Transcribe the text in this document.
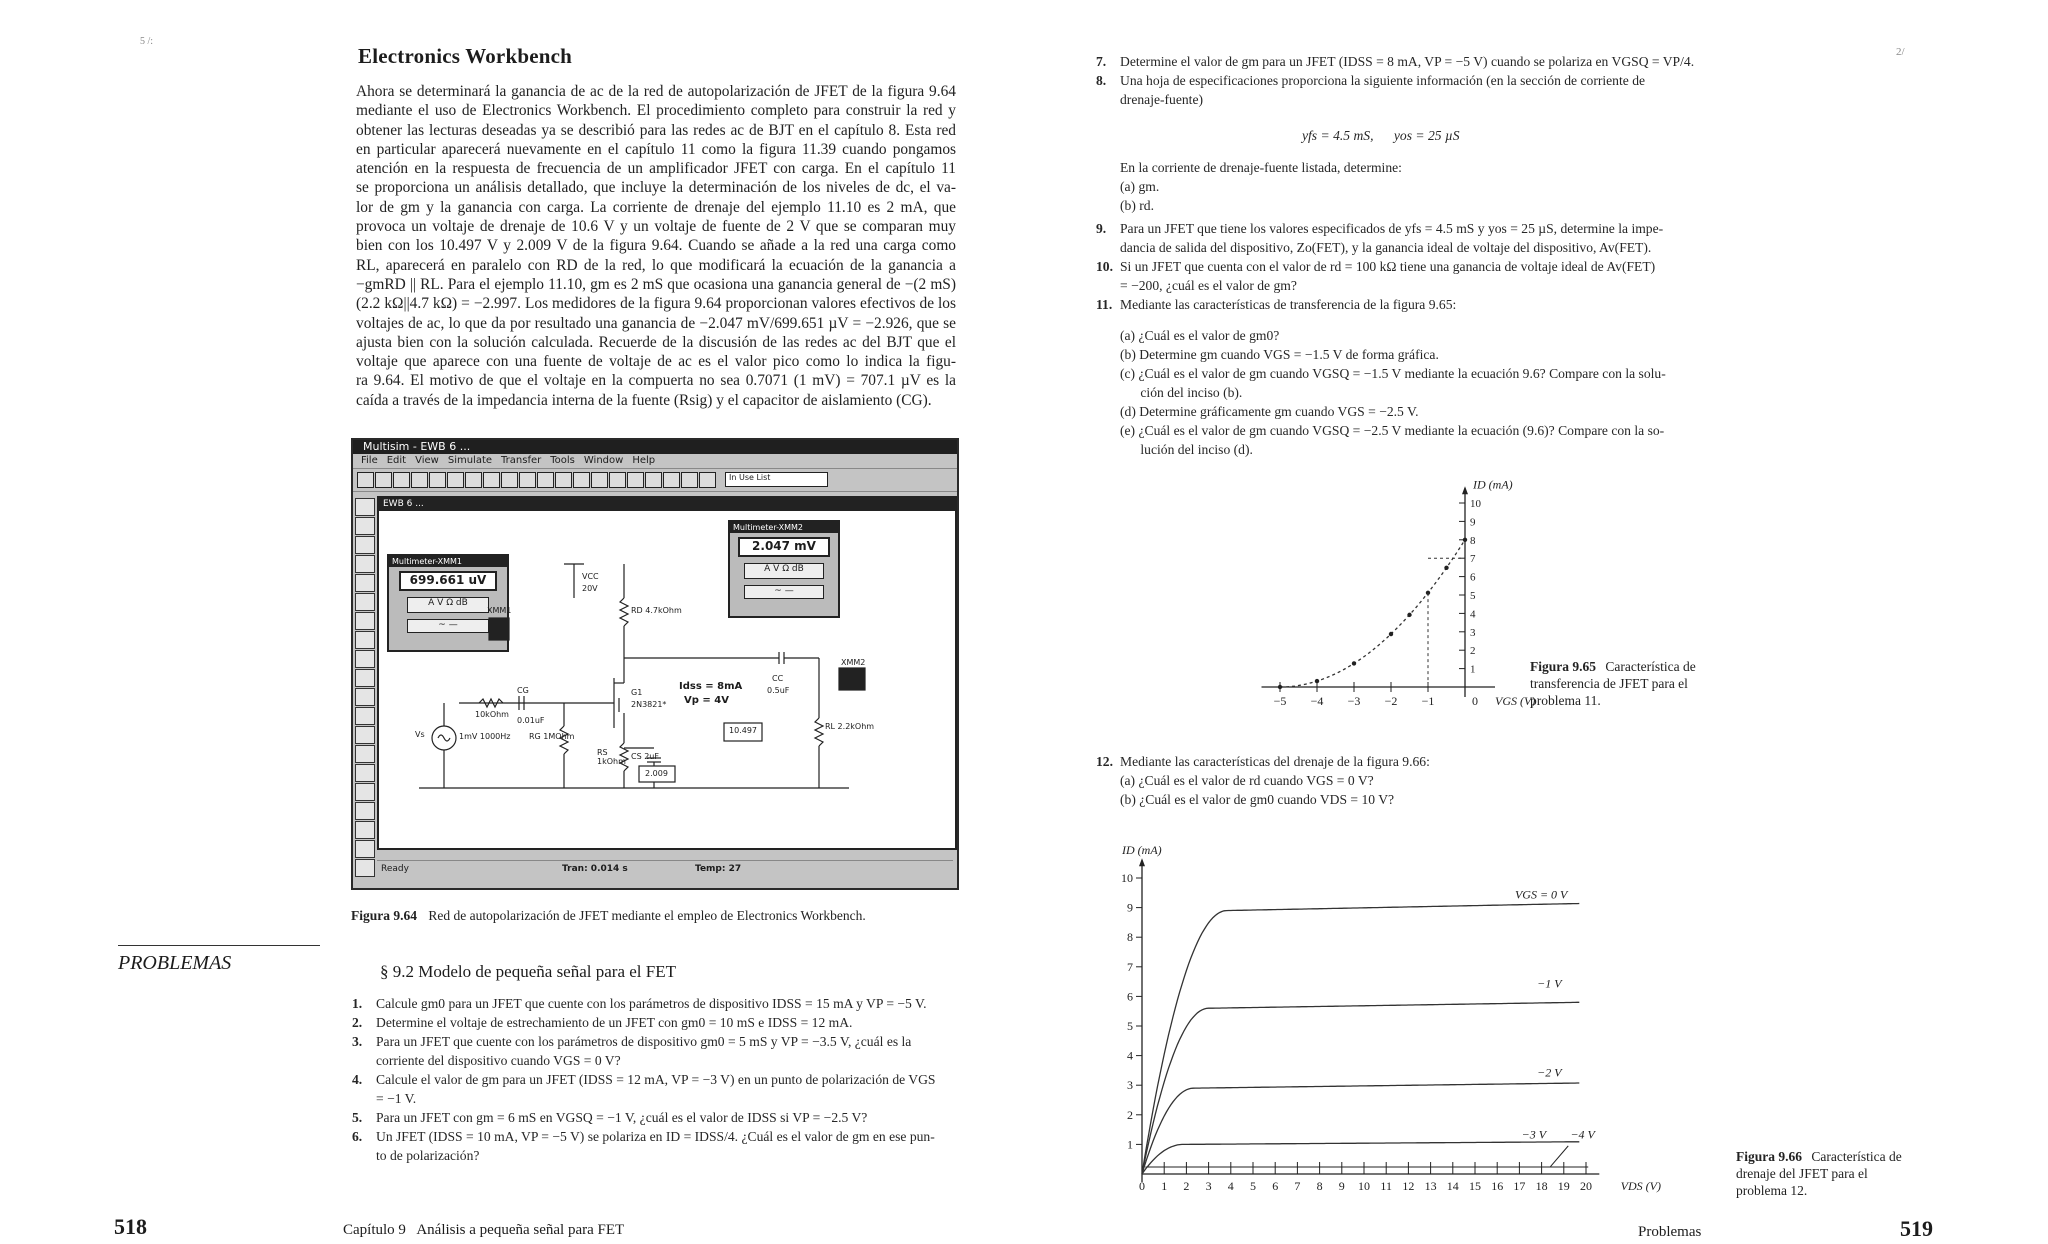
5 /:
Electronics Workbench
Ahora se determinará la ganancia de ac de la red de autopolarización de JFET de la figura 9.64
mediante el uso de Electronics Workbench. El procedimiento completo para construir la red y
obtener las lecturas deseadas ya se describió para las redes ac de BJT en el capítulo 8. Esta red
en particular aparecerá nuevamente en el capítulo 11 como la figura 11.39 cuando pongamos
atención en la respuesta de frecuencia de un amplificador JFET con carga. En el capítulo 11
se proporciona un análisis detallado, que incluye la determinación de los niveles de dc, el va-
lor de gm y la ganancia con carga. La corriente de drenaje del ejemplo 11.10 es 2 mA, que
provoca un voltaje de drenaje de 10.6 V y un voltaje de fuente de 2 V que se comparan muy
bien con los 10.497 V y 2.009 V de la figura 9.64. Cuando se añade a la red una carga como
RL, aparecerá en paralelo con RD de la red, lo que modificará la ecuación de la ganancia a
−gmRD || RL. Para el ejemplo 11.10, gm es 2 mS que ocasiona una ganancia general de −(2 mS)
(2.2 kΩ||4.7 kΩ) = −2.997. Los medidores de la figura 9.64 proporcionan valores efectivos de los
voltajes de ac, lo que da por resultado una ganancia de −2.047 mV/699.651 µV = −2.926, que se
ajusta bien con la solución calculada. Recuerde de la discusión de las redes ac del BJT que el
voltaje que aparece con una fuente de voltaje de ac es el valor pico como lo indica la figu-
ra 9.64. El motivo de que el voltaje en la compuerta no sea 0.7071 (1 mV) = 707.1 µV es la
caída a través de la impedancia interna de la fuente (Rsig) y el capacitor de aislamiento (CG).
Multisim - EWB 6 ...
File Edit View Simulate Transfer Tools Window Help
In Use List
EWB 6 ...
Multimeter-XMM1
699.661 uV
A V Ω dB
~ —
Multimeter-XMM2
2.047 mV
A V Ω dB
~ —
VCC
20V
RD 4.7kOhm
XMM1
CG
10kOhm
0.01uF
G1
2N3821*
Idss = 8mA
Vp = 4V
CC
0.5uF
XMM2
Vs	1mV 1000Hz RG 1MOhm
RS 1kOhm
CS 2uF
RL 2.2kOhm
10.497
2.009
Ready	Tran: 0.014 s	Temp: 27
Figura 9.64 Red de autopolarización de JFET mediante el empleo de Electronics Workbench.
PROBLEMAS	§ 9.2 Modelo de pequeña señal para el FET
1. Calcule gm0 para un JFET que cuente con los parámetros de dispositivo IDSS = 15 mA y VP = −5 V.
2. Determine el voltaje de estrechamiento de un JFET con gm0 = 10 mS e IDSS = 12 mA.
3. Para un JFET que cuente con los parámetros de dispositivo gm0 = 5 mS y VP = −3.5 V, ¿cuál es la
corriente del dispositivo cuando VGS = 0 V?
4. Calcule el valor de gm para un JFET (IDSS = 12 mA, VP = −3 V) en un punto de polarización de VGS
= −1 V.
5. Para un JFET con gm = 6 mS en VGSQ = −1 V, ¿cuál es el valor de IDSS si VP = −2.5 V?
6. Un JFET (IDSS = 10 mA, VP = −5 V) se polariza en ID = IDSS/4. ¿Cuál es el valor de gm en ese pun-
to de polarización?
518	Capítulo 9   Análisis a pequeña señal para FET
2/
7. Determine el valor de gm para un JFET (IDSS = 8 mA, VP = −5 V) cuando se polariza en VGSQ = VP/4.
8. Una hoja de especificaciones proporciona la siguiente información (en la sección de corriente de
drenaje-fuente)
yfs = 4.5 mS,      yos = 25 µS
En la corriente de drenaje-fuente listada, determine:
(a) gm.
(b) rd.
9. Para un JFET que tiene los valores especificados de yfs = 4.5 mS y yos = 25 µS, determine la impe-
dancia de salida del dispositivo, Zo(FET), y la ganancia ideal de voltaje del dispositivo, Av(FET).
10. Si un JFET que cuenta con el valor de rd = 100 kΩ tiene una ganancia de voltaje ideal de Av(FET)
= −200, ¿cuál es el valor de gm?
11. Mediante las características de transferencia de la figura 9.65:
(a) ¿Cuál es el valor de gm0?
(b) Determine gm cuando VGS = −1.5 V de forma gráfica.
(c) ¿Cuál es el valor de gm cuando VGSQ = −1.5 V mediante la ecuación 9.6? Compare con la solu-
ción del inciso (b).
(d) Determine gráficamente gm cuando VGS = −2.5 V.
(e) ¿Cuál es el valor de gm cuando VGSQ = −2.5 V mediante la ecuación (9.6)? Compare con la so-
lución del inciso (d).
−5 −4 −3 −2 −1	0
1
2
3
4
5
6
7
8
9
10
ID (mA)
VGS (V)
Figura 9.65 Característica de
transferencia de JFET para el
problema 11.
12. Mediante las características del drenaje de la figura 9.66:
(a) ¿Cuál es el valor de rd cuando VGS = 0 V?
(b) ¿Cuál es el valor de gm0 cuando VDS = 10 V?
0 1 2 3 4 5 6 7 8 9 10 11 12 13 14 15 16 17 18 19 20
1
2
3
4
5
6
7
8
9
10
ID (mA)
VDS (V)
VGS = 0 V
−1 V
−2 V
−3 V −4 V
Figura 9.66 Característica de
drenaje del JFET para el
problema 12.
Problemas	519
